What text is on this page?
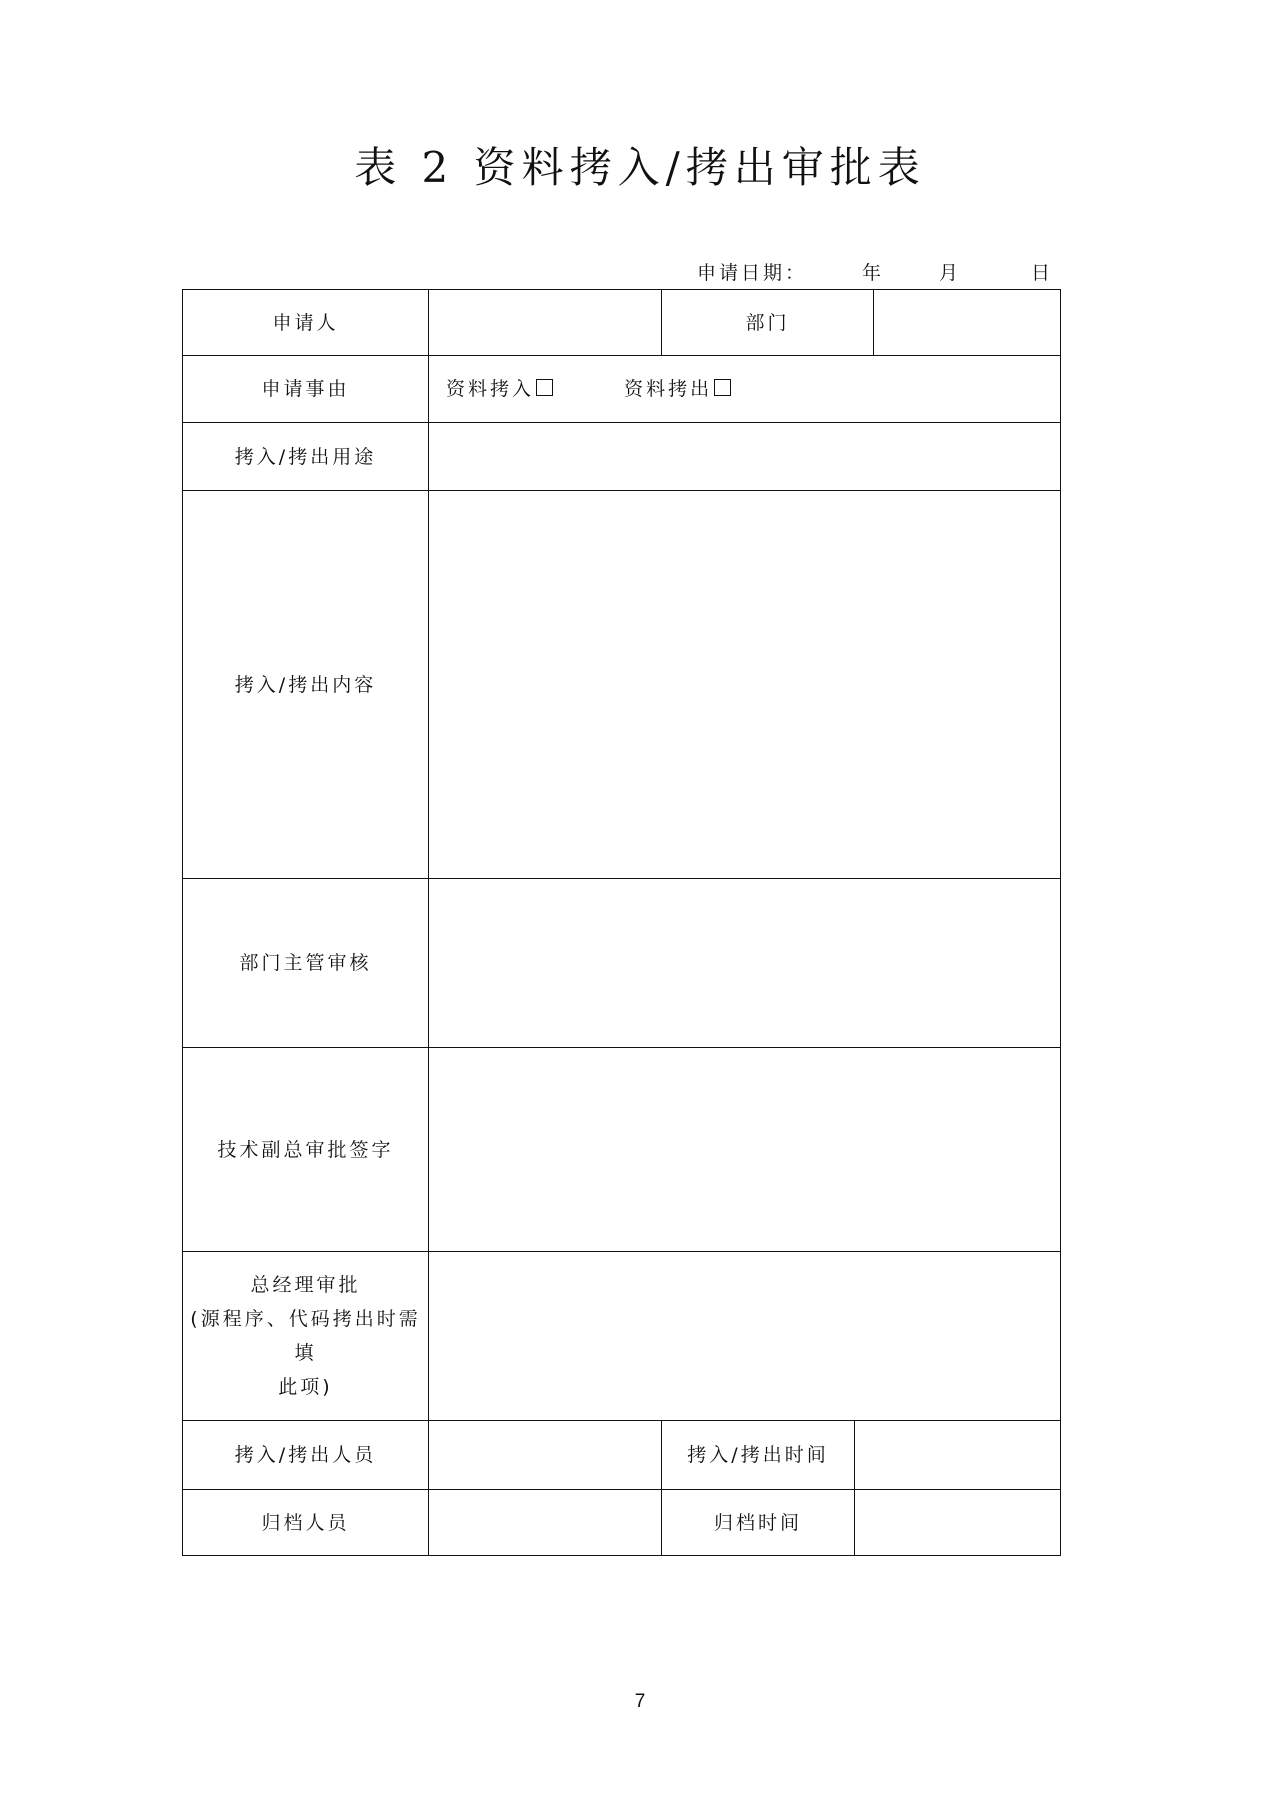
表 2 资料拷入/拷出审批表
申请日期：	年	月	日
申请人		部门		
申请事由	资料拷入 资料拷出			
拷入/拷出用途				
拷入/拷出内容				
部门主管审核				
技术副总审批签字				

总经理审批
(源程序、代码拷出时需填
此项)				

拷入/拷出人员		拷入/拷出时间		
归档人员		归档时间		
7
